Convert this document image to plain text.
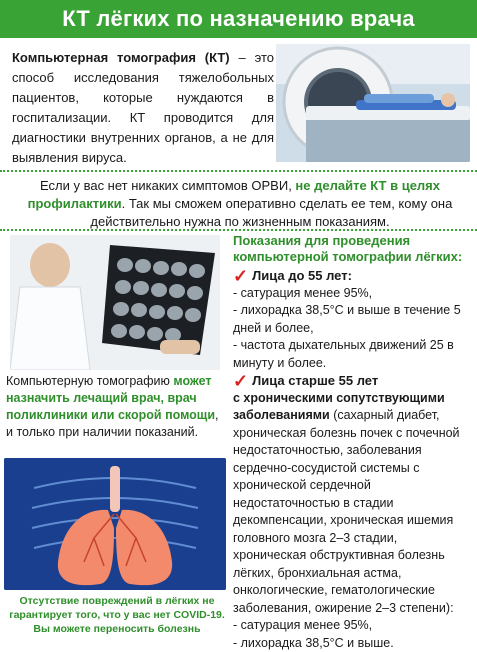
КТ лёгких по назначению врача

Компьютерная томография (КТ) – это способ исследования тяжелобольных пациентов, которые нуждаются в госпитализации. КТ проводится для диагностики внутренних органов, а не для выявления вируса.

Если у вас нет никаких симптомов ОРВИ, не делайте КТ в целях профилактики. Так мы сможем оперативно сделать ее тем, кому она действительно нужна по жизненным показаниям.
Показания для проведения компьютерной томографии лёгких:
✓ Лица до 55 лет:

- сатурация менее 95%,

- лихорадка 38,5°С и выше в течение 5 дней и более,

- частота дыхательных движений 25 в минуту и более.

✓ Лица старше 55 лет

с хроническими сопутствующими заболеваниями (сахарный диабет, хроническая болезнь почек с почечной недостаточностью, заболевания сердечно-сосудистой системы с хронической сердечной недостаточностью в стадии декомпенсации, хроническая ишемия головного мозга 2–3 стадии, хроническая обструктивная болезнь лёгких, бронхиальная астма, онкологические, гематологические заболевания, ожирение 2–3 степени):

- сатурация менее 95%,

- лихорадка 38,5°С и выше.

Компьютерную томографию может назначить лечащий врач, врач поликлиники или скорой помощи, и только при наличии показаний.
Отсутствие повреждений в лёгких не гарантирует того, что у вас нет COVID-19. Вы можете переносить болезнь
